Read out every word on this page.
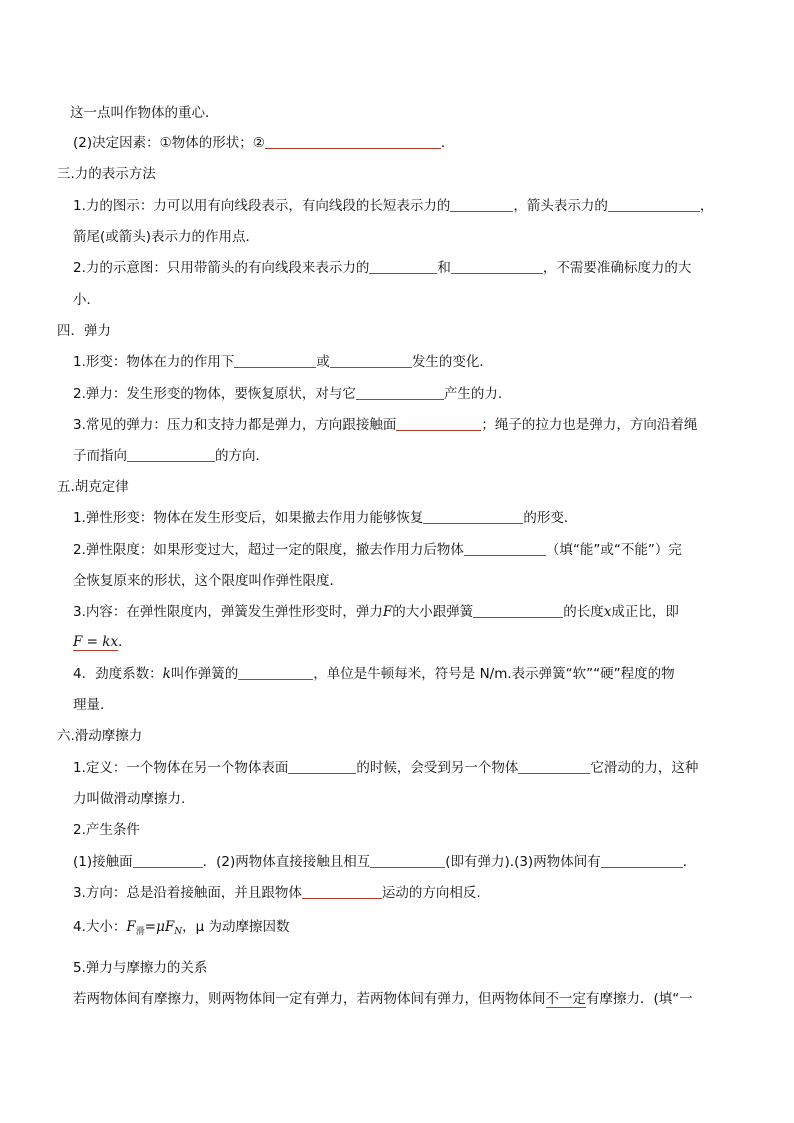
这一点叫作物体的重心．
(2)决定因素：①物体的形状；②	．
三.力的表示方法
1.力的图示：力可以用有向线段表示，有向线段的长短表示力的	，箭头表示力的	，
箭尾(或箭头)表示力的作用点．
2.力的示意图：只用带箭头的有向线段来表示力的	和	，不需要准确标度力的大
小．
四．弹力
1.形变：物体在力的作用下	或	发生的变化．
2.弹力：发生形变的物体，要恢复原状，对与它	产生的力．
3.常见的弹力：压力和支持力都是弹力，方向跟接触面	；绳子的拉力也是弹力，方向沿着绳
子而指向	的方向．
五.胡克定律
1.弹性形变：物体在发生形变后，如果撤去作用力能够恢复	的形变．
2.弹性限度：如果形变过大，超过一定的限度，撤去作用力后物体	（填“能”或“不能”）完
全恢复原来的形状，这个限度叫作弹性限度．
3.内容：在弹性限度内，弹簧发生弹性形变时，弹力F的大小跟弹簧	的长度x成正比，即
F = kx．
4．劲度系数：k叫作弹簧的	，单位是牛顿每米，符号是 N/m.表示弹簧“软”“硬”程度的物
理量．
六.滑动摩擦力
1.定义：一个物体在另一个物体表面	的时候，会受到另一个物体	它滑动的力，这种
力叫做滑动摩擦力.
2.产生条件
(1)接触面	．(2)两物体直接接触且相互	(即有弹力).(3)两物体间有	．
3.方向：总是沿着接触面，并且跟物体	运动的方向相反.
4.大小：$F_滑=\mu F_N$，μ 为动摩擦因数
5.弹力与摩擦力的关系
若两物体间有摩擦力，则两物体间一定有弹力，若两物体间有弹力，但两物体间不一定有摩擦力．(填“一
